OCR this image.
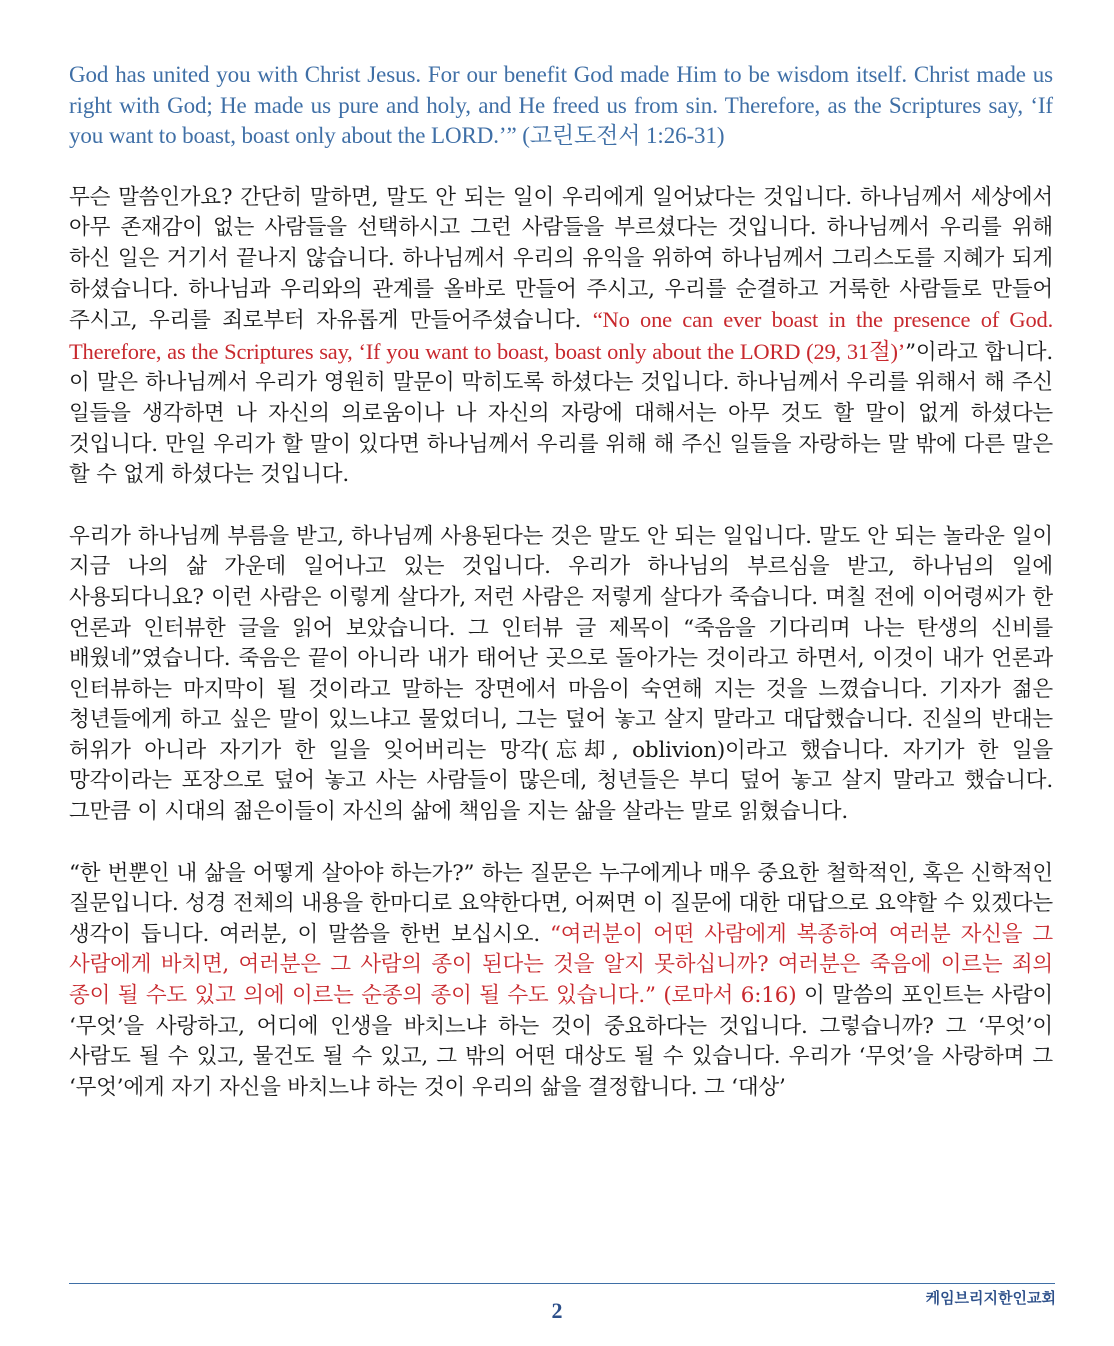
God has united you with Christ Jesus. For our benefit God made Him to be wisdom itself. Christ made us right with God; He made us pure and holy, and He freed us from sin. Therefore, as the Scriptures say, ‘If you want to boast, boast only about the LORD.’” (고린도전서 1:26-31)

무슨 말씀인가요? 간단히 말하면, 말도 안 되는 일이 우리에게 일어났다는 것입니다. 하나님께서 세상에서 아무 존재감이 없는 사람들을 선택하시고 그런 사람들을 부르셨다는 것입니다. 하나님께서 우리를 위해 하신 일은 거기서 끝나지 않습니다. 하나님께서 우리의 유익을 위하여 하나님께서 그리스도를 지혜가 되게 하셨습니다. 하나님과 우리와의 관계를 올바로 만들어 주시고, 우리를 순결하고 거룩한 사람들로 만들어 주시고, 우리를 죄로부터 자유롭게 만들어주셨습니다. “No one can ever boast in the presence of God. Therefore, as the Scriptures say, ‘If you want to boast, boast only about the LORD (29, 31절)’”이라고 합니다. 이 말은 하나님께서 우리가 영원히 말문이 막히도록 하셨다는 것입니다. 하나님께서 우리를 위해서 해 주신 일들을 생각하면 나 자신의 의로움이나 나 자신의 자랑에 대해서는 아무 것도 할 말이 없게 하셨다는 것입니다. 만일 우리가 할 말이 있다면 하나님께서 우리를 위해 해 주신 일들을 자랑하는 말 밖에 다른 말은 할 수 없게 하셨다는 것입니다.

우리가 하나님께 부름을 받고, 하나님께 사용된다는 것은 말도 안 되는 일입니다. 말도 안 되는 놀라운 일이 지금 나의 삶 가운데 일어나고 있는 것입니다. 우리가 하나님의 부르심을 받고, 하나님의 일에 사용되다니요? 이런 사람은 이렇게 살다가, 저런 사람은 저렇게 살다가 죽습니다. 며칠 전에 이어령씨가 한 언론과 인터뷰한 글을 읽어 보았습니다. 그 인터뷰 글 제목이 “죽음을 기다리며 나는 탄생의 신비를 배웠네”였습니다. 죽음은 끝이 아니라 내가 태어난 곳으로 돌아가는 것이라고 하면서, 이것이 내가 언론과 인터뷰하는 마지막이 될 것이라고 말하는 장면에서 마음이 숙연해 지는 것을 느꼈습니다. 기자가 젊은 청년들에게 하고 싶은 말이 있느냐고 물었더니, 그는 덮어 놓고 살지 말라고 대답했습니다. 진실의 반대는 허위가 아니라 자기가 한 일을 잊어버리는 망각(忘却, oblivion)이라고 했습니다. 자기가 한 일을 망각이라는 포장으로 덮어 놓고 사는 사람들이 많은데, 청년들은 부디 덮어 놓고 살지 말라고 했습니다. 그만큼 이 시대의 젊은이들이 자신의 삶에 책임을 지는 삶을 살라는 말로 읽혔습니다.

“한 번뿐인 내 삶을 어떻게 살아야 하는가?” 하는 질문은 누구에게나 매우 중요한 철학적인, 혹은 신학적인 질문입니다. 성경 전체의 내용을 한마디로 요약한다면, 어쩌면 이 질문에 대한 대답으로 요약할 수 있겠다는 생각이 듭니다. 여러분, 이 말씀을 한번 보십시오. “여러분이 어떤 사람에게 복종하여 여러분 자신을 그 사람에게 바치면, 여러분은 그 사람의 종이 된다는 것을 알지 못하십니까? 여러분은 죽음에 이르는 죄의 종이 될 수도 있고 의에 이르는 순종의 종이 될 수도 있습니다.” (로마서 6:16) 이 말씀의 포인트는 사람이 ‘무엇’을 사랑하고, 어디에 인생을 바치느냐 하는 것이 중요하다는 것입니다. 그렇습니까? 그 ‘무엇’이 사람도 될 수 있고, 물건도 될 수 있고, 그 밖의 어떤 대상도 될 수 있습니다. 우리가 ‘무엇’을 사랑하며 그 ‘무엇’에게 자기 자신을 바치느냐 하는 것이 우리의 삶을 결정합니다. 그 ‘대상’

케임브리지한인교회
2
